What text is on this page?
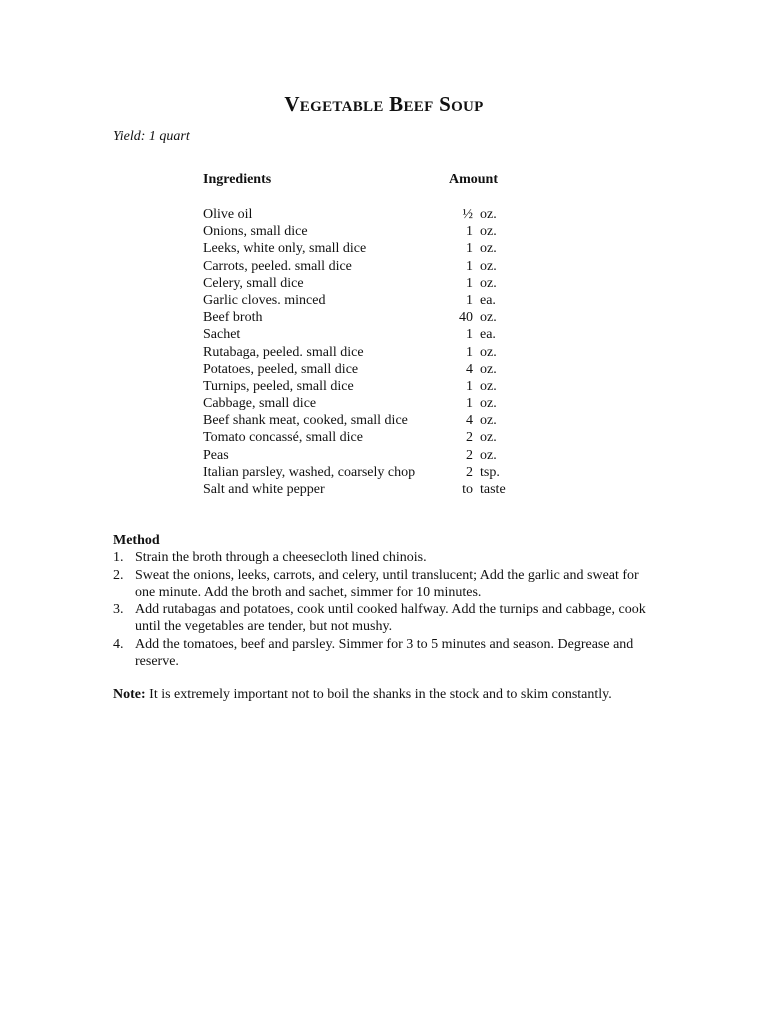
Vegetable Beef Soup
Yield: 1 quart
Ingredients	Amount
Olive oil	½ oz.
Onions, small dice	1 oz.
Leeks, white only, small dice	1 oz.
Carrots, peeled. small dice	1 oz.
Celery, small dice	1 oz.
Garlic cloves. minced	1 ea.
Beef broth	40 oz.
Sachet	1 ea.
Rutabaga, peeled. small dice	1 oz.
Potatoes, peeled, small dice	4 oz.
Turnips, peeled, small dice	1 oz.
Cabbage, small dice	1 oz.
Beef shank meat, cooked, small dice	4 oz.
Tomato concassé, small dice	2 oz.
Peas	2 oz.
Italian parsley, washed, coarsely chop	2 tsp.
Salt and white pepper	to taste
Method
1. Strain the broth through a cheesecloth lined chinois.
2. Sweat the onions, leeks, carrots, and celery, until translucent; Add the garlic and sweat for one minute. Add the broth and sachet, simmer for 10 minutes.
3. Add rutabagas and potatoes, cook until cooked halfway. Add the turnips and cabbage, cook until the vegetables are tender, but not mushy.
4. Add the tomatoes, beef and parsley. Simmer for 3 to 5 minutes and season. Degrease and reserve.
Note: It is extremely important not to boil the shanks in the stock and to skim constantly.
